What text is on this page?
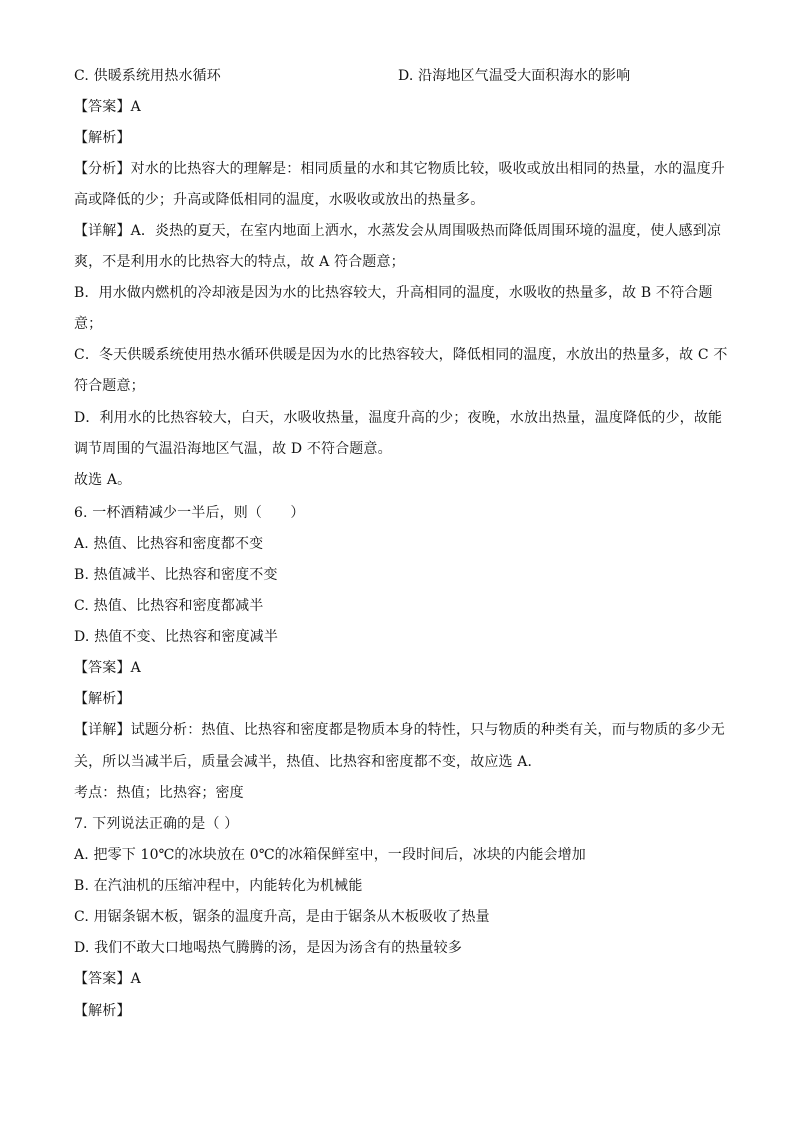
C. 供暖系统用热水循环	D. 沿海地区气温受大面积海水的影响
【答案】A
【解析】
【分析】对水的比热容大的理解是：相同质量的水和其它物质比较，吸收或放出相同的热量，水的温度升
高或降低的少；升高或降低相同的温度，水吸收或放出的热量多。
【详解】A．炎热的夏天，在室内地面上洒水，水蒸发会从周围吸热而降低周围环境的温度，使人感到凉
爽，不是利用水的比热容大的特点，故 A 符合题意；
B．用水做内燃机的冷却液是因为水的比热容较大，升高相同的温度，水吸收的热量多，故 B 不符合题
意；
C．冬天供暖系统使用热水循环供暖是因为水的比热容较大，降低相同的温度，水放出的热量多，故 C 不
符合题意；
D．利用水的比热容较大，白天，水吸收热量，温度升高的少；夜晚，水放出热量，温度降低的少，故能
调节周围的气温沿海地区气温，故 D 不符合题意。
故选 A。
6. 一杯酒精减少一半后，则（　　）
A. 热值、比热容和密度都不变
B. 热值减半、比热容和密度不变
C. 热值、比热容和密度都减半
D. 热值不变、比热容和密度减半
【答案】A
【解析】
【详解】试题分析：热值、比热容和密度都是物质本身的特性，只与物质的种类有关，而与物质的多少无
关，所以当减半后，质量会减半，热值、比热容和密度都不变，故应选 A．
考点：热值；比热容；密度
7. 下列说法正确的是（ ）
A. 把零下 10℃的冰块放在 0℃的冰箱保鲜室中，一段时间后，冰块的内能会增加
B. 在汽油机的压缩冲程中，内能转化为机械能
C. 用锯条锯木板，锯条的温度升高，是由于锯条从木板吸收了热量
D. 我们不敢大口地喝热气腾腾的汤，是因为汤含有的热量较多
【答案】A
【解析】
